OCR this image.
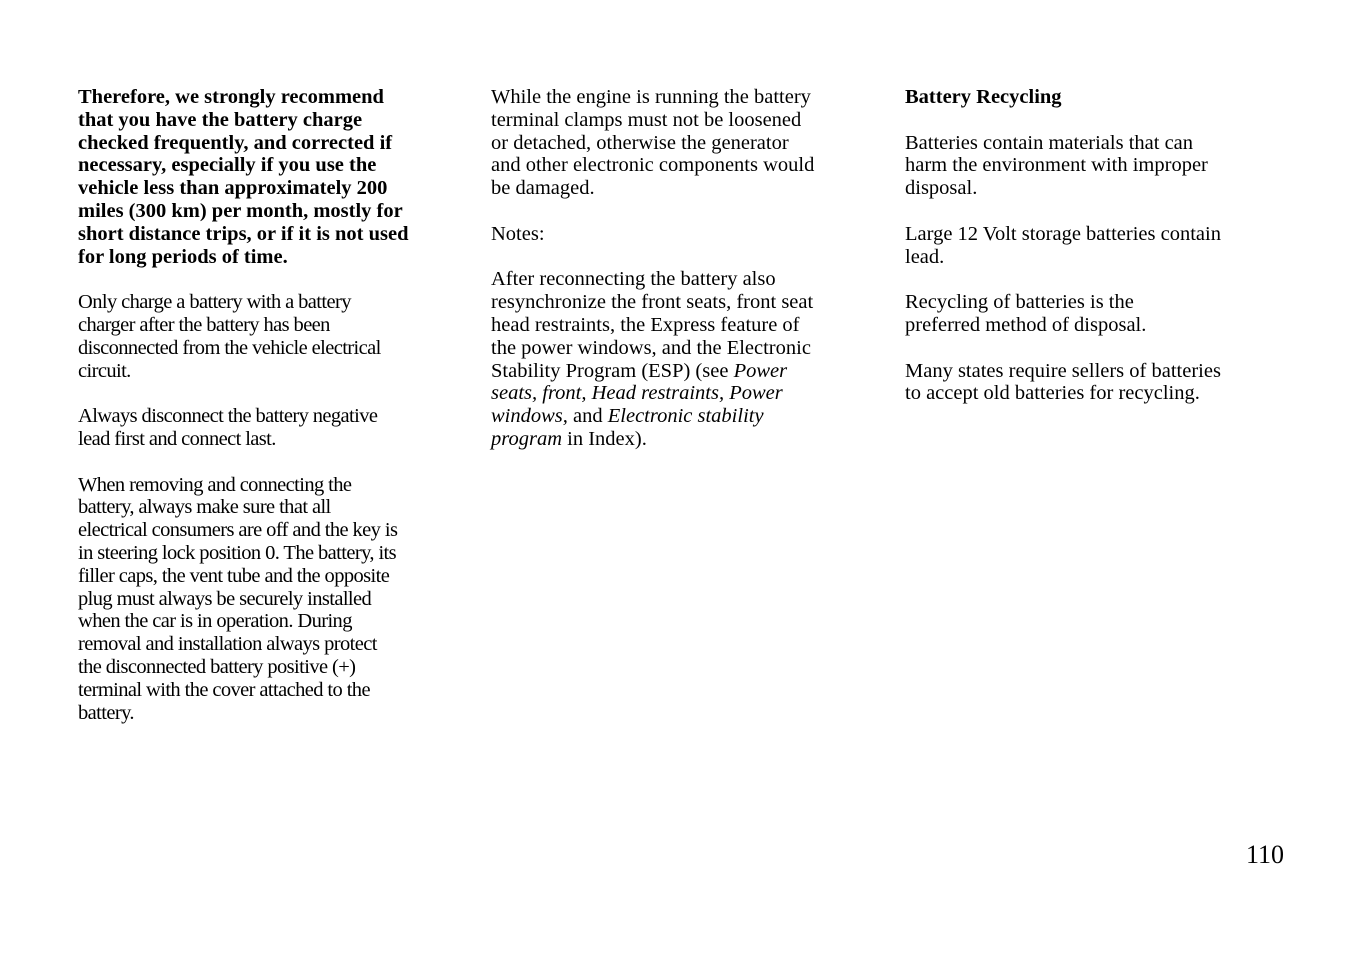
Therefore, we strongly recommend
that you have the battery charge
checked frequently, and corrected if
necessary, especially if you use the
vehicle less than approximately 200
miles (300 km) per month, mostly for
short distance trips, or if it is not used
for long periods of time.

Only charge a battery with a battery
charger after the battery has been
disconnected from the vehicle electrical
circuit.

Always disconnect the battery negative
lead first and connect last.

When removing and connecting the
battery, always make sure that all
electrical consumers are off and the key is
in steering lock position 0. The battery, its
filler caps, the vent tube and the opposite
plug must always be securely installed
when the car is in operation. During
removal and installation always protect
the disconnected battery positive (+)
terminal with the cover attached to the
battery.

While the engine is running the battery
terminal clamps must not be loosened
or detached, otherwise the generator
and other electronic components would
be damaged.

Notes:

After reconnecting the battery also
resynchronize the front seats, front seat
head restraints, the Express feature of
the power windows, and the Electronic
Stability Program (ESP) (see Power
seats, front, Head restraints, Power
windows, and Electronic stability
program in Index).

Battery Recycling

Batteries contain materials that can
harm the environment with improper
disposal.

Large 12 Volt storage batteries contain
lead.

Recycling of batteries is the
preferred method of disposal.

Many states require sellers of batteries
to accept old batteries for recycling.

110
